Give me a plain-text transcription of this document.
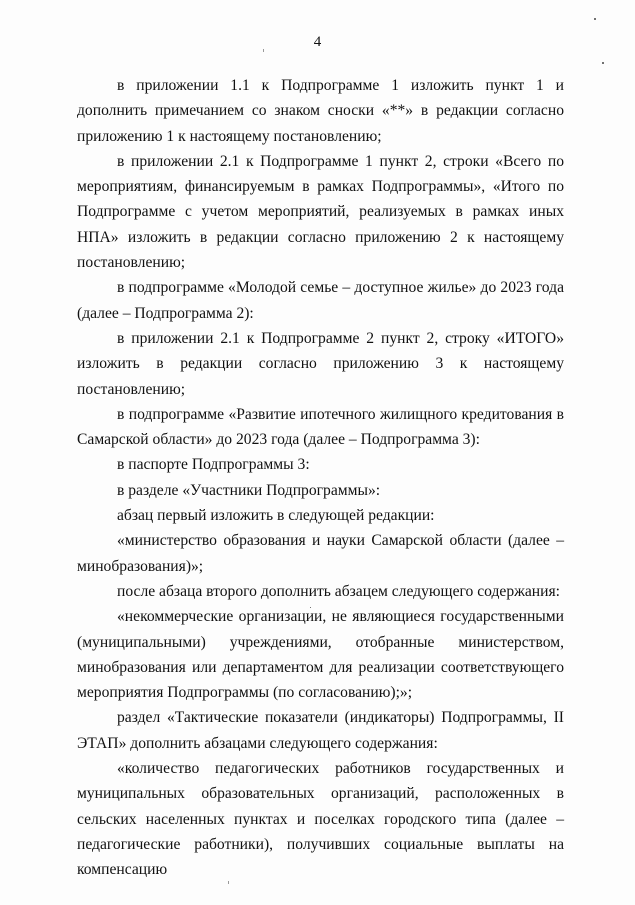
4

в приложении 1.1 к Подпрограмме 1 изложить пункт 1 и дополнить примечанием со знаком сноски «**» в редакции согласно приложению 1 к настоящему постановлению;

в приложении 2.1 к Подпрограмме 1 пункт 2, строки «Всего по мероприятиям, финансируемым в рамках Подпрограммы», «Итого по Подпрограмме с учетом мероприятий, реализуемых в рамках иных НПА» изложить в редакции согласно приложению 2 к настоящему постановлению;

в подпрограмме «Молодой семье – доступное жилье» до 2023 года (далее – Подпрограмма 2):

в приложении 2.1 к Подпрограмме 2 пункт 2, строку «ИТОГО» изложить в редакции согласно приложению 3 к настоящему постановлению;

в подпрограмме «Развитие ипотечного жилищного кредитования в Самарской области» до 2023 года (далее – Подпрограмма 3):

в паспорте Подпрограммы 3:

в разделе «Участники Подпрограммы»:

абзац первый изложить в следующей редакции:

«министерство образования и науки Самарской области (далее – минобразования)»;

после абзаца второго дополнить абзацем следующего содержания:

«некоммерческие организации, не являющиеся государственными (муниципальными) учреждениями, отобранные министерством, минобразования или департаментом для реализации соответствующего мероприятия Подпрограммы (по согласованию);»;

раздел «Тактические показатели (индикаторы) Подпрограммы, II ЭТАП» дополнить абзацами следующего содержания:

«количество педагогических работников государственных и муниципальных образовательных организаций, расположенных в сельских населенных пунктах и поселках городского типа (далее – педагогические работники), получивших социальные выплаты на компенсацию
